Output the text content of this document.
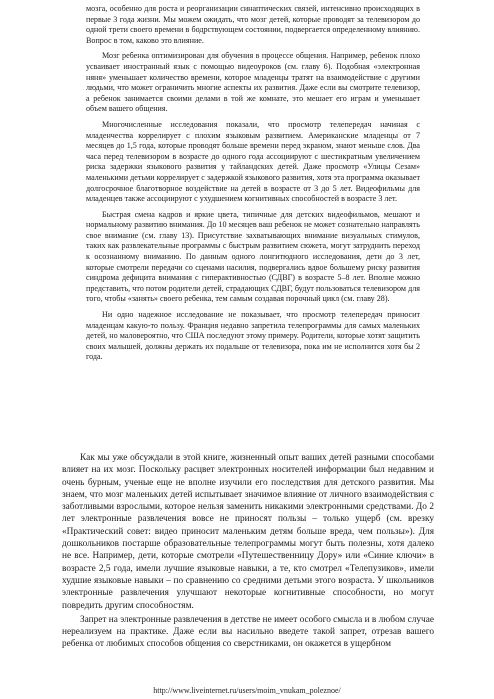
мозга, особенно для роста и реорганизации синаптических связей, интенсивно происходящих в первые 3 года жизни. Мы можем ожидать, что мозг детей, которые проводят за телевизором до одной трети своего времени в бодрствующем состоянии, подвергается определенному влиянию. Вопрос в том, каково это влияние.

Мозг ребенка оптимизирован для обучения в процессе общения. Например, ребенок плохо усваивает иностранный язык с помощью видеоуроков (см. главу 6). Подобная «электронная няня» уменьшает количество времени, которое младенцы тратят на взаимодействие с другими людьми, что может ограничить многие аспекты их развития. Даже если вы смотрите телевизор, а ребенок занимается своими делами в той же комнате, это мешает его играм и уменьшает объем вашего общения.

Многочисленные исследования показали, что просмотр телепередач начиная с младенчества коррелирует с плохим языковым развитием. Американские младенцы от 7 месяцев до 1,5 года, которые проводят больше времени перед экраном, знают меньше слов. Два часа перед телевизором в возрасте до одного года ассоциируют с шестикратным увеличением риска задержки языкового развития у тайландских детей. Даже просмотр «Улицы Сезам» маленькими детьми коррелирует с задержкой языкового развития, хотя эта программа оказывает долгосрочное благотворное воздействие на детей в возрасте от 3 до 5 лет. Видеофильмы для младенцев также ассоциируют с ухудшением когнитивных способностей в возрасте 3 лет.

Быстрая смена кадров и яркие цвета, типичные для детских видеофильмов, мешают и нормальному развитию внимания. До 10 месяцев ваш ребенок не может сознательно направлять свое внимание (см. главу 13). Присутствие захватывающих внимание визуальных стимулов, таких как развлекательные программы с быстрым развитием сюжета, могут затруднить переход к осознанному вниманию. По данным одного лонгитюдного исследования, дети до 3 лет, которые смотрели передачи со сценами насилия, подвергались вдвое большему риску развития синдрома дефицита внимания с гиперактивностью (СДВГ) в возрасте 5–8 лет. Вполне можно представить, что потом родители детей, страдающих СДВГ, будут пользоваться телевизором для того, чтобы «занять» своего ребенка, тем самым создавая порочный цикл (см. главу 28).

Ни одно надежное исследование не показывает, что просмотр телепередач приносит младенцам какую-то пользу. Франция недавно запретила телепрограммы для самых маленьких детей, но маловероятно, что США последуют этому примеру. Родители, которые хотят защитить своих малышей, должны держать их подальше от телевизора, пока им не исполнится хотя бы 2 года.

Как мы уже обсуждали в этой книге, жизненный опыт ваших детей разными способами влияет на их мозг. Поскольку расцвет электронных носителей информации был недавним и очень бурным, ученые еще не вполне изучили его последствия для детского развития. Мы знаем, что мозг маленьких детей испытывает значимое влияние от личного взаимодействия с заботливыми взрослыми, которое нельзя заменить никакими электронными средствами. До 2 лет электронные развлечения вовсе не приносят пользы – только ущерб (см. врезку «Практический совет: видео приносит маленьким детям больше вреда, чем пользы»). Для дошкольников постарше образовательные телепрограммы могут быть полезны, хотя далеко не все. Например, дети, которые смотрели «Путешественницу Дору» или «Синие ключи» в возрасте 2,5 года, имели лучшие языковые навыки, а те, кто смотрел «Телепузиков», имели худшие языковые навыки – по сравнению со средними детьми этого возраста. У школьников электронные развлечения улучшают некоторые когнитивные способности, но могут повредить другим способностям.

Запрет на электронные развлечения в детстве не имеет особого смысла и в любом случае нереализуем на практике. Даже если вы насильно введете такой запрет, отрезав вашего ребенка от любимых способов общения со сверстниками, он окажется в ущербном

http://www.liveinternet.ru/users/moim_vnukam_poleznoe/
